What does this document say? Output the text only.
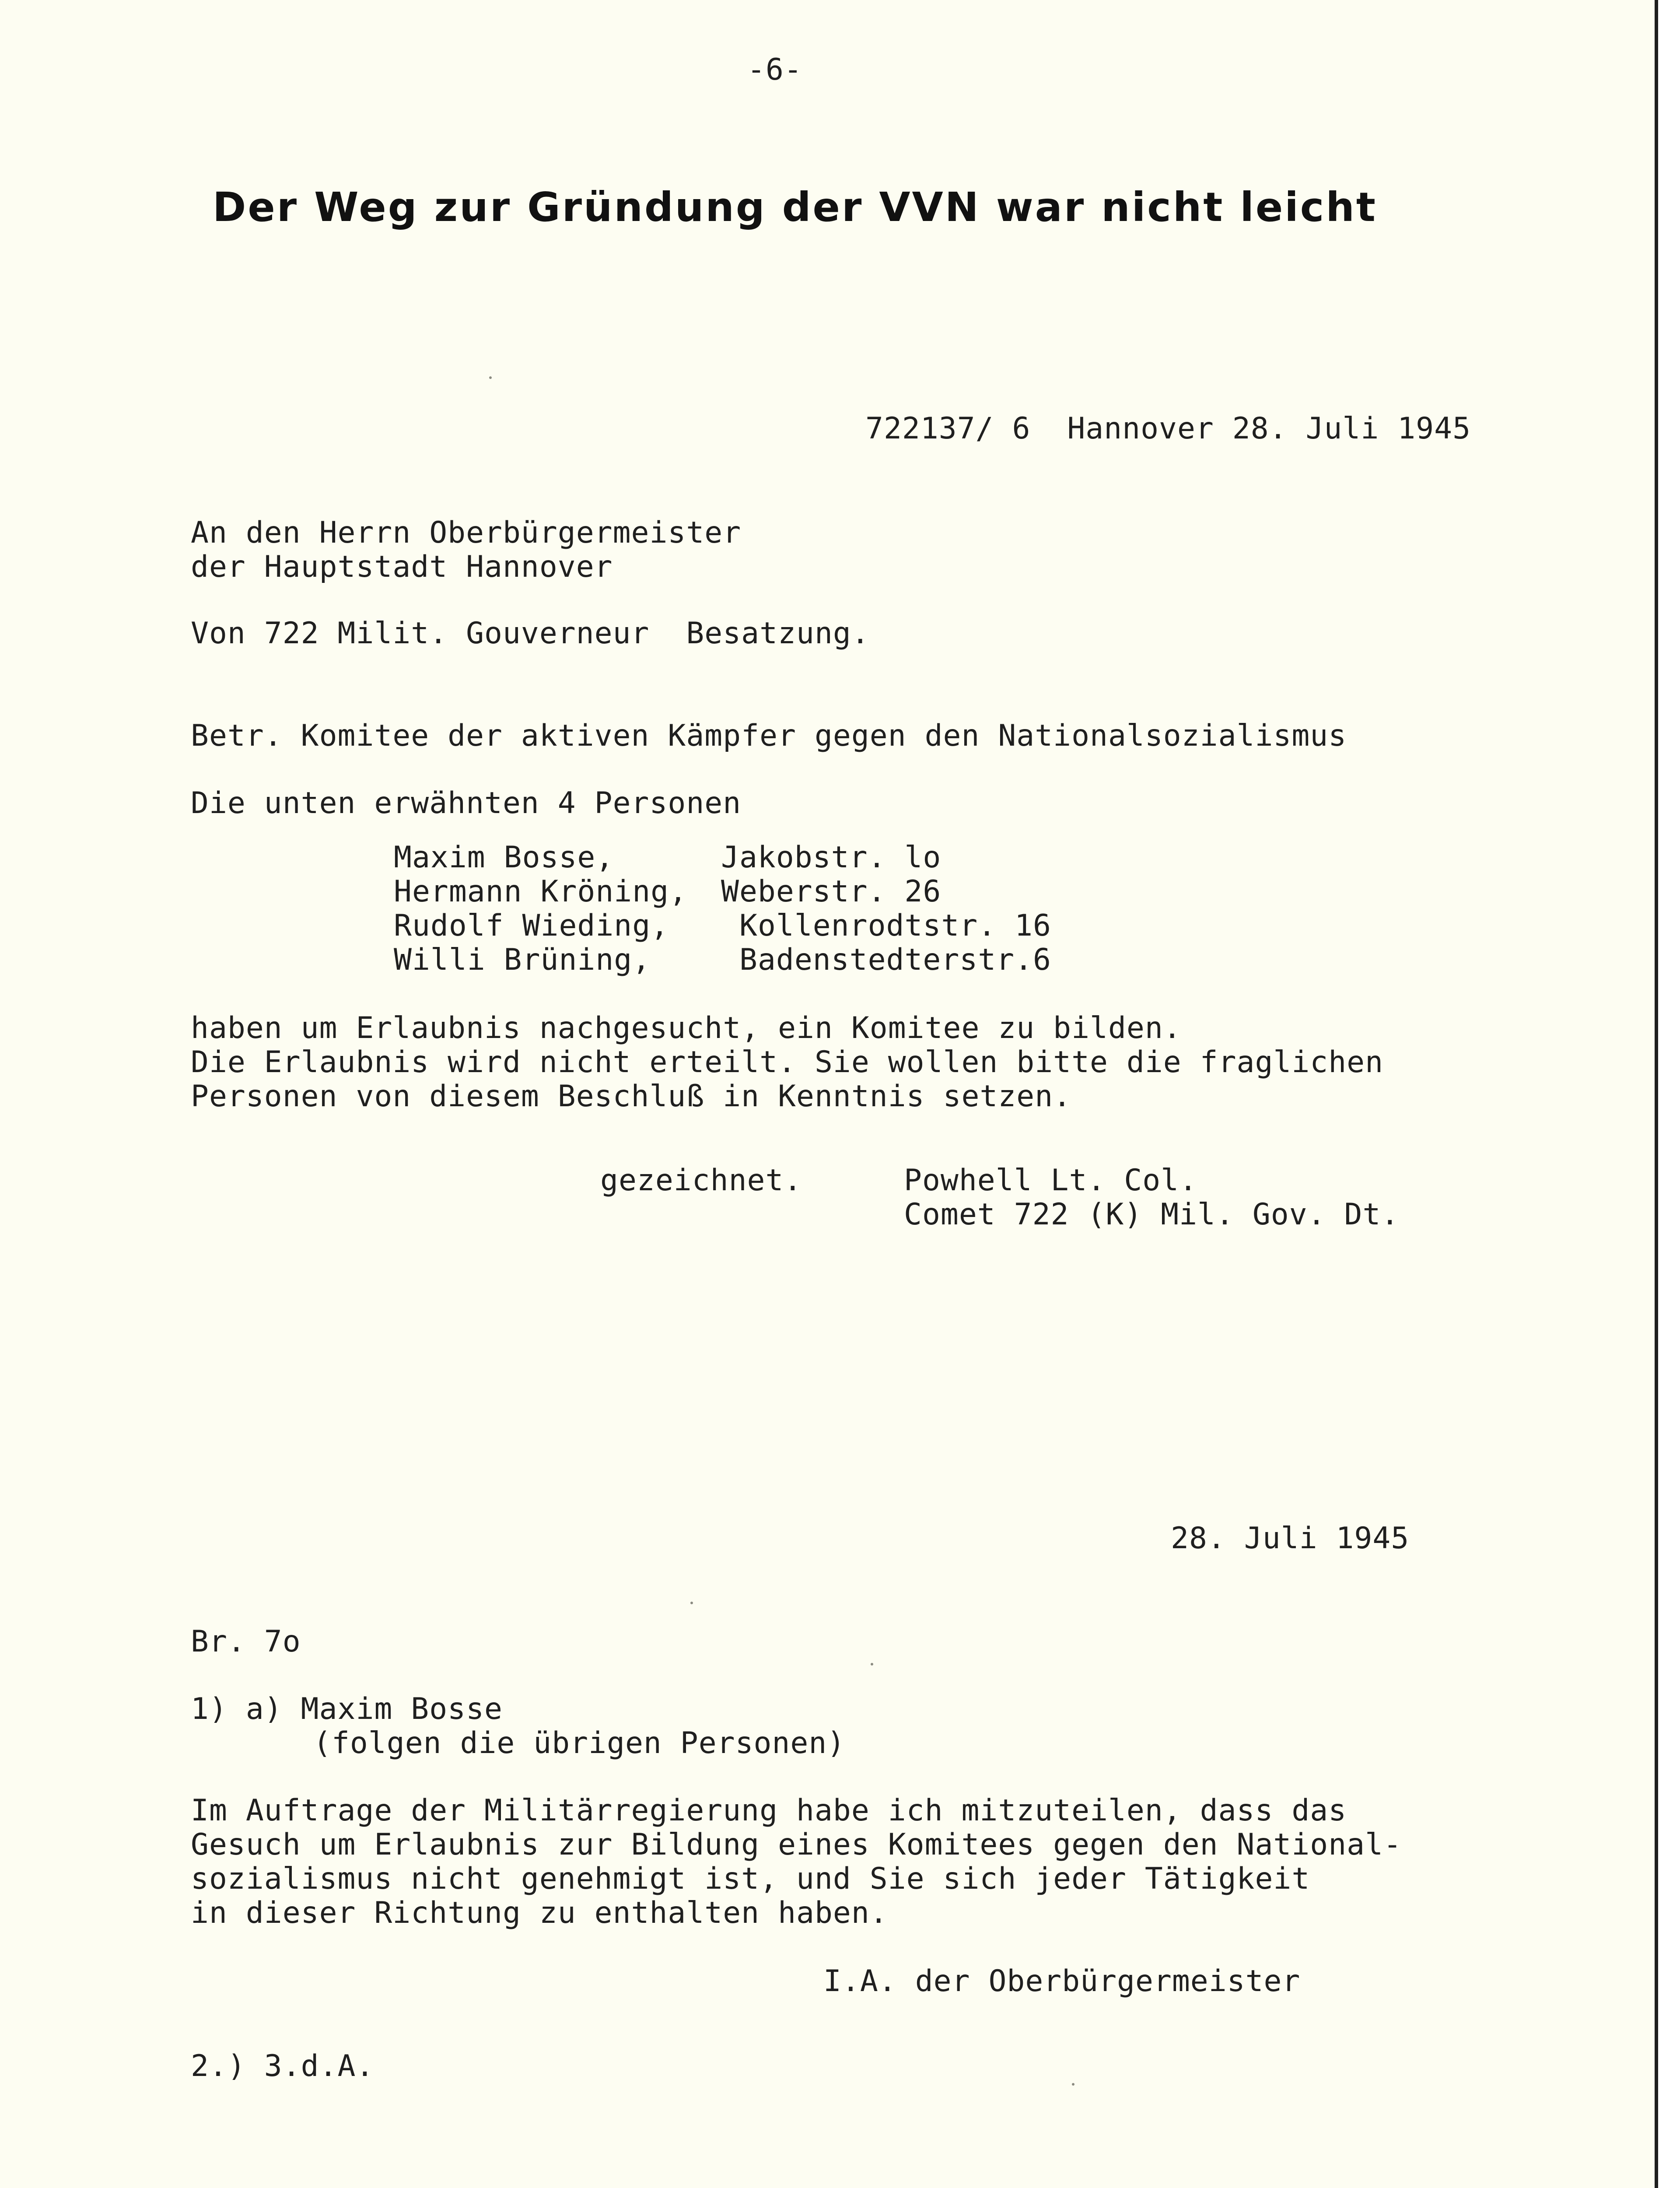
-6-
Der Weg zur Gründung der VVN war nicht leicht
722137/ 6  Hannover 28. Juli 1945
An den Herrn Oberbürgermeister
der Hauptstadt Hannover
Von 722 Milit. Gouverneur  Besatzung.
Betr. Komitee der aktiven Kämpfer gegen den Nationalsozialismus
Die unten erwähnten 4 Personen
Maxim Bosse,	Jakobstr. lo
Hermann Kröning, Weberstr. 26
Rudolf Wieding, Kollenrodtstr. 16
Willi Brüning,	Badenstedterstr.6
haben um Erlaubnis nachgesucht, ein Komitee zu bilden.
Die Erlaubnis wird nicht erteilt. Sie wollen bitte die fraglichen
Personen von diesem Beschluß in Kenntnis setzen.
gezeichnet.	Powhell Lt. Col.
Comet 722 (K) Mil. Gov. Dt.
28. Juli 1945
Br. 7o
1) a) Maxim Bosse
(folgen die übrigen Personen)
Im Auftrage der Militärregierung habe ich mitzuteilen, dass das
Gesuch um Erlaubnis zur Bildung eines Komitees gegen den National-
sozialismus nicht genehmigt ist, und Sie sich jeder Tätigkeit
in dieser Richtung zu enthalten haben.
I.A. der Oberbürgermeister
2.) 3.d.A.
